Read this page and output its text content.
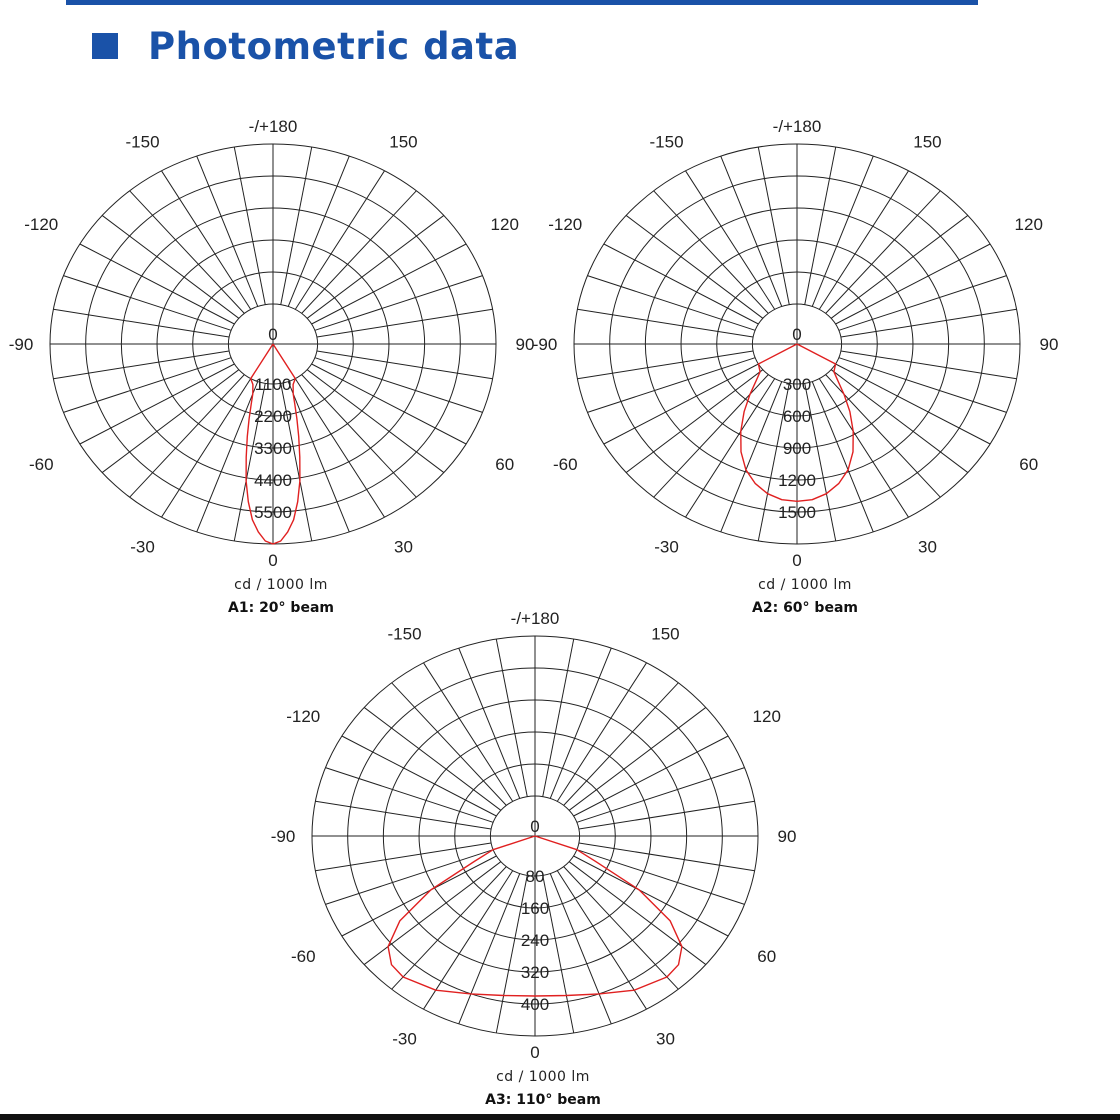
Photometric data
-/+180
-150	150
-120	120
-90	90
-60	60
-30	30
0
0
1100
2200
3300
4400
5500
cd / 1000 lm
A1: 20° beam
-/+180
-150	150
-120	120
-90	90
-60	60
-30	30
0
0
300
600
900
1200
1500
cd / 1000 lm
A2: 60° beam
-/+180
-150	150
-120	120
-90	90
-60	60
-30	30
0
0
80
160
240
320
400
cd / 1000 lm
A3: 110° beam
